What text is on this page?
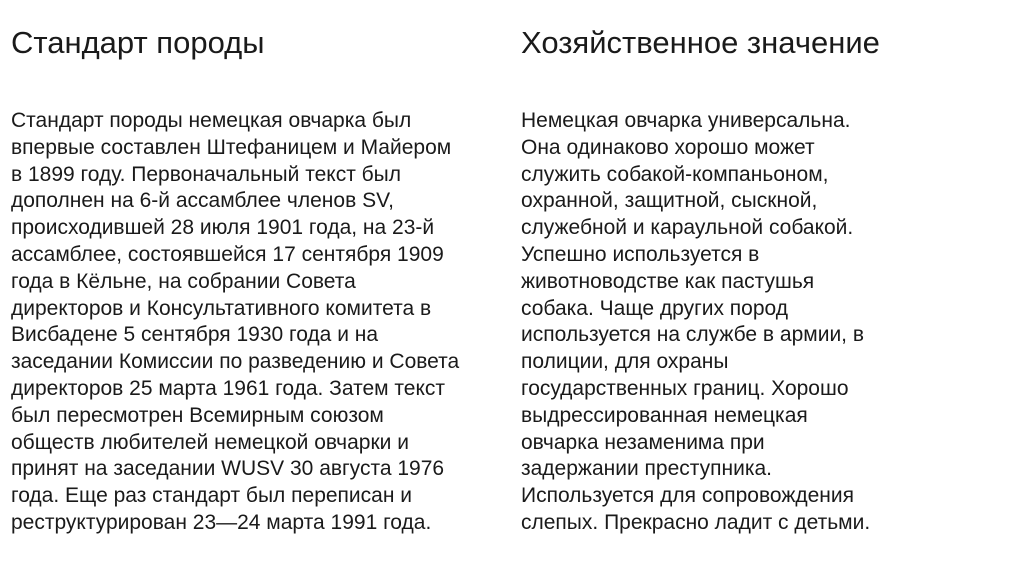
Стандарт породы
Стандарт породы немецкая овчарка был
впервые составлен Штефаницем и Майером
в 1899 году. Первоначальный текст был
дополнен на 6-й ассамблее членов SV,
происходившей 28 июля 1901 года, на 23-й
ассамблее, состоявшейся 17 сентября 1909
года в Кёльне, на собрании Совета
директоров и Консультативного комитета в
Висбадене 5 сентября 1930 года и на
заседании Комиссии по разведению и Совета
директоров 25 марта 1961 года. Затем текст
был пересмотрен Всемирным союзом
обществ любителей немецкой овчарки и
принят на заседании WUSV 30 августа 1976
года. Еще раз стандарт был переписан и
реструктурирован 23—24 марта 1991 года.
Хозяйственное значение
Немецкая овчарка универсальна.
Она одинаково хорошо может
служить собакой-компаньоном,
охранной, защитной, сыскной,
служебной и караульной собакой.
Успешно используется в
животноводстве как пастушья
собака. Чаще других пород
используется на службе в армии, в
полиции, для охраны
государственных границ. Хорошо
выдрессированная немецкая
овчарка незаменима при
задержании преступника.
Используется для сопровождения
слепых. Прекрасно ладит с детьми.
